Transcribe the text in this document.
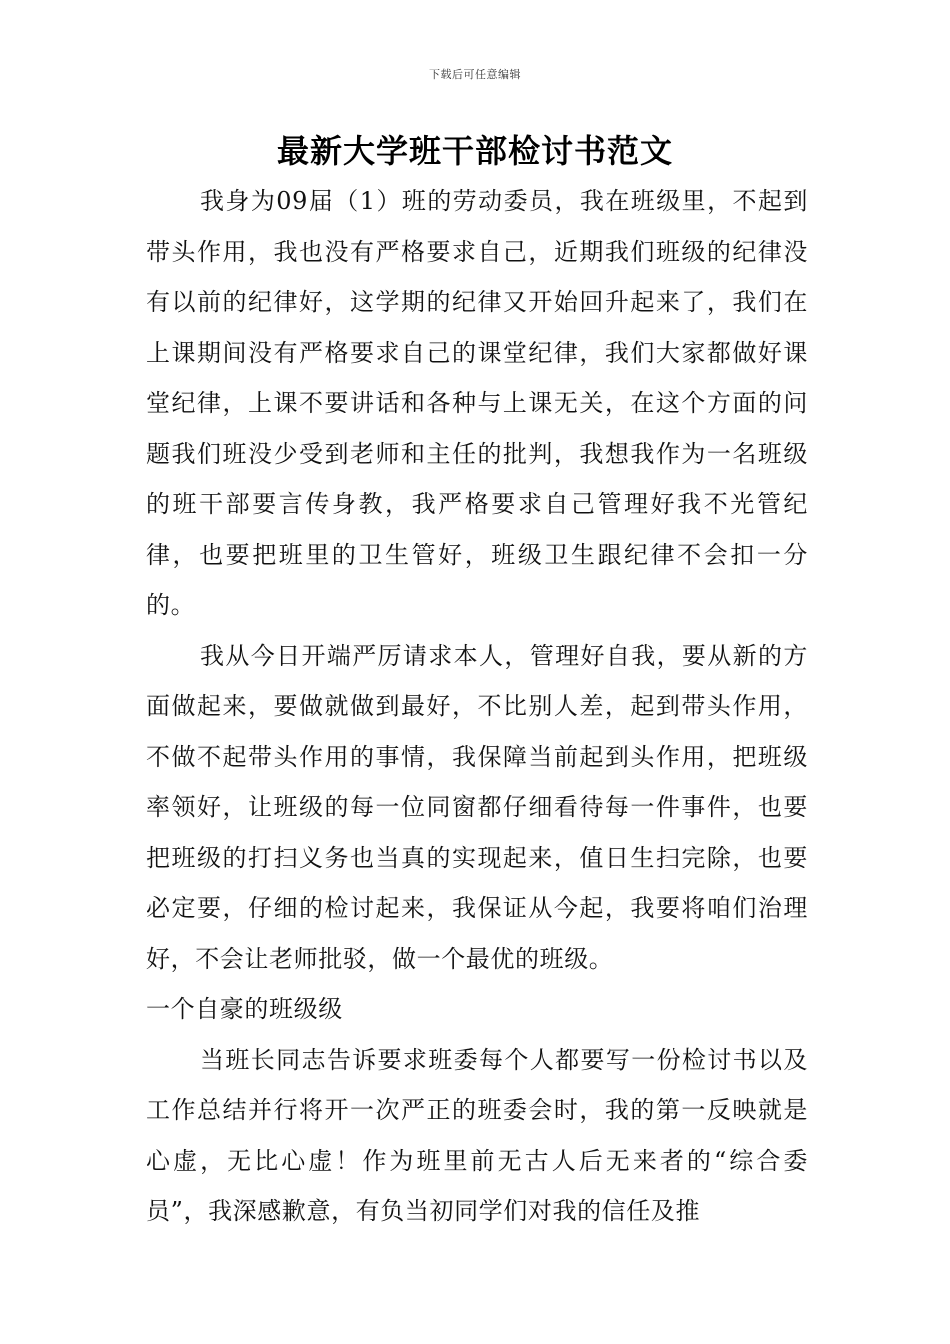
下载后可任意编辑
最新大学班干部检讨书范文

我身为09届（1）班的劳动委员，我在班级里，不起到带头作用，我也没有严格要求自己，近期我们班级的纪律没有以前的纪律好，这学期的纪律又开始回升起来了，我们在上课期间没有严格要求自己的课堂纪律，我们大家都做好课堂纪律，上课不要讲话和各种与上课无关，在这个方面的问题我们班没少受到老师和主任的批判，我想我作为一名班级的班干部要言传身教，我严格要求自己管理好我不光管纪律，也要把班里的卫生管好，班级卫生跟纪律不会扣一分的。

我从今日开端严厉请求本人，管理好自我，要从新的方面做起来，要做就做到最好，不比别人差，起到带头作用，不做不起带头作用的事情，我保障当前起到头作用，把班级率领好，让班级的每一位同窗都仔细看待每一件事件，也要把班级的打扫义务也当真的实现起来，值日生扫完除，也要必定要，仔细的检讨起来，我保证从今起，我要将咱们治理好，不会让老师批驳，做一个最优的班级。

一个自豪的班级级

当班长同志告诉要求班委每个人都要写一份检讨书以及工作总结并行将开一次严正的班委会时，我的第一反映就是心虚，无比心虚！作为班里前无古人后无来者的“综合委员”，我深感歉意，有负当初同学们对我的信任及推
